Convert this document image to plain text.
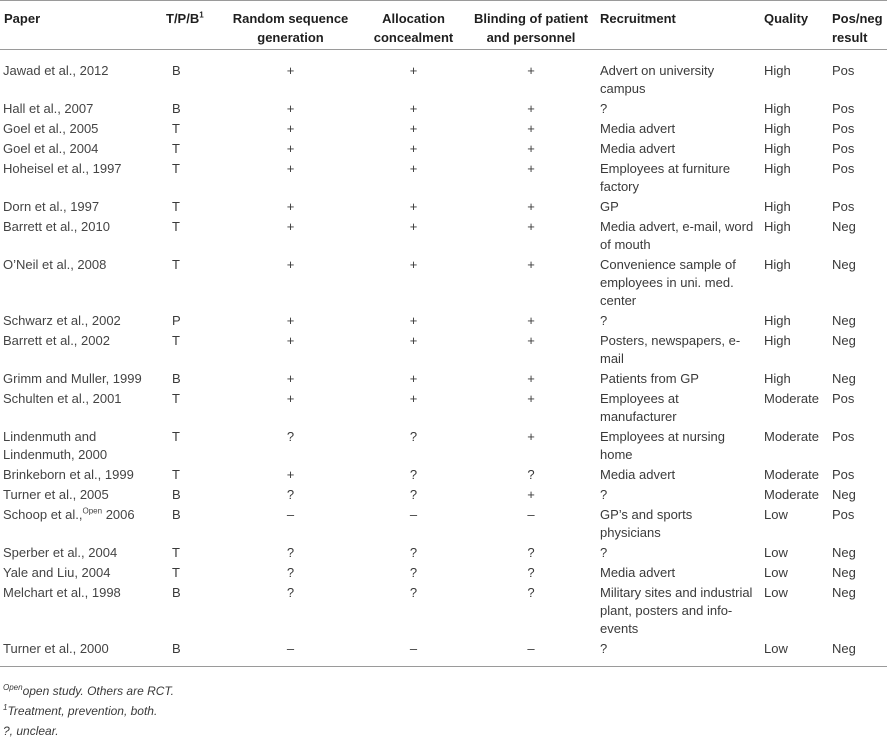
Paper	$T/P/B^1$	Random sequence generation	Allocation concealment	Blinding of patient and personnel	Recruitment	Quality	Pos/neg result
Jawad et al., 2012	B	+	+	+	Advert on university campus	High	Pos
Hall et al., 2007	B	+	+	+	?	High	Pos
Goel et al., 2005	T	+	+	+	Media advert	High	Pos
Goel et al., 2004	T	+	+	+	Media advert	High	Pos
Hoheisel et al., 1997	T	+	+	+	Employees at furniture factory	High	Pos
Dorn et al., 1997	T	+	+	+	GP	High	Pos
Barrett et al., 2010	T	+	+	+	Media advert, e-mail, word of mouth	High	Neg
O’Neil et al., 2008	T	+	+	+	Convenience sample of employees in uni. med. center	High	Neg
Schwarz et al., 2002	P	+	+	+	?	High	Neg
Barrett et al., 2002	T	+	+	+	Posters, newspapers, e-mail	High	Neg
Grimm and Muller, 1999	B	+	+	+	Patients from GP	High	Neg
Schulten et al., 2001	T	+	+	+	Employees at manufacturer	Moderate	Pos
Lindenmuth and Lindenmuth, 2000	T	?	?	+	Employees at nursing home	Moderate	Pos
Brinkeborn et al., 1999	T	+	?	?	Media advert	Moderate	Pos
Turner et al., 2005	B	?	?	+	?	Moderate	Neg
Schoop et al.,$^{Open}$ 2006	B	–	–	–	GP’s and sports physicians	Low	Pos
Sperber et al., 2004	T	?	?	?	?	Low	Neg
Yale and Liu, 2004	T	?	?	?	Media advert	Low	Neg
Melchart et al., 1998	B	?	?	?	Military sites and industrial plant, posters and info-events	Low	Neg
Turner et al., 2000	B	–	–	–	?	Low	Neg
$^{Open}$open study. Others are RCT.
$^1$Treatment, prevention, both.
?, unclear.
